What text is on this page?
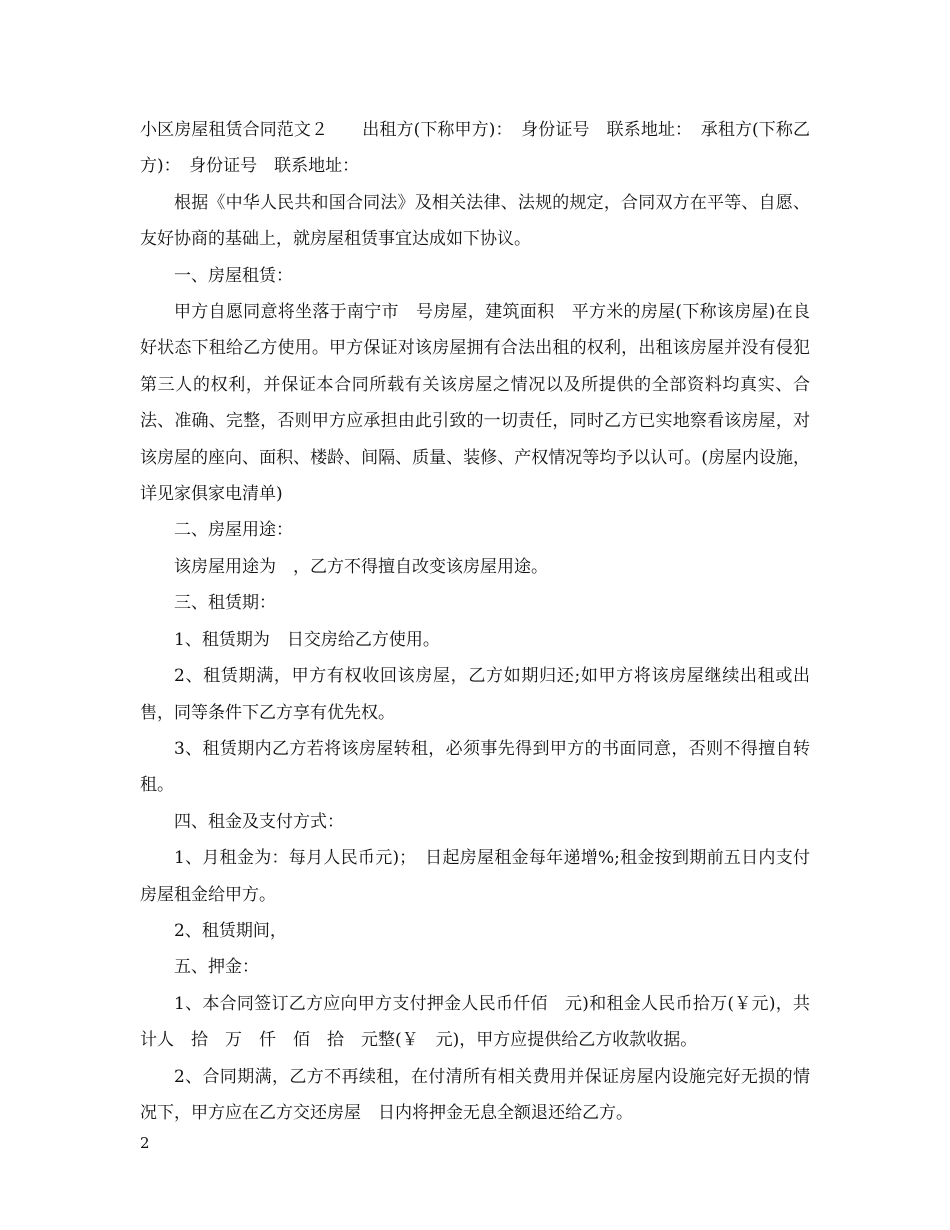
小区房屋租赁合同范文２　　出租方(下称甲方)：　身份证号　联系地址：　承租方(下称乙方)：　身份证号　联系地址：

根据《中华人民共和国合同法》及相关法律、法规的规定，合同双方在平等、自愿、友好协商的基础上，就房屋租赁事宜达成如下协议。

一、房屋租赁：

甲方自愿同意将坐落于南宁市　号房屋，建筑面积　平方米的房屋(下称该房屋)在良好状态下租给乙方使用。甲方保证对该房屋拥有合法出租的权利，出租该房屋并没有侵犯第三人的权利，并保证本合同所载有关该房屋之情况以及所提供的全部资料均真实、合法、准确、完整，否则甲方应承担由此引致的一切责任，同时乙方已实地察看该房屋，对该房屋的座向、面积、楼龄、间隔、质量、装修、产权情况等均予以认可。(房屋内设施，详见家俱家电清单)

二、房屋用途：

该房屋用途为　，乙方不得擅自改变该房屋用途。

三、租赁期：

1、租赁期为　日交房给乙方使用。

2、租赁期满，甲方有权收回该房屋，乙方如期归还;如甲方将该房屋继续出租或出售，同等条件下乙方享有优先权。

3、租赁期内乙方若将该房屋转租，必须事先得到甲方的书面同意，否则不得擅自转租。

四、租金及支付方式：

1、月租金为：每月人民币元)；　日起房屋租金每年递增%;租金按到期前五日内支付房屋租金给甲方。

2、租赁期间，

五、押金：

1、本合同签订乙方应向甲方支付押金人民币仟佰　元)和租金人民币拾万(￥元)，共计人　拾　万　仟　佰　拾　元整(￥　元)，甲方应提供给乙方收款收据。

2、合同期满，乙方不再续租，在付清所有相关费用并保证房屋内设施完好无损的情况下，甲方应在乙方交还房屋　日内将押金无息全额退还给乙方。

2
